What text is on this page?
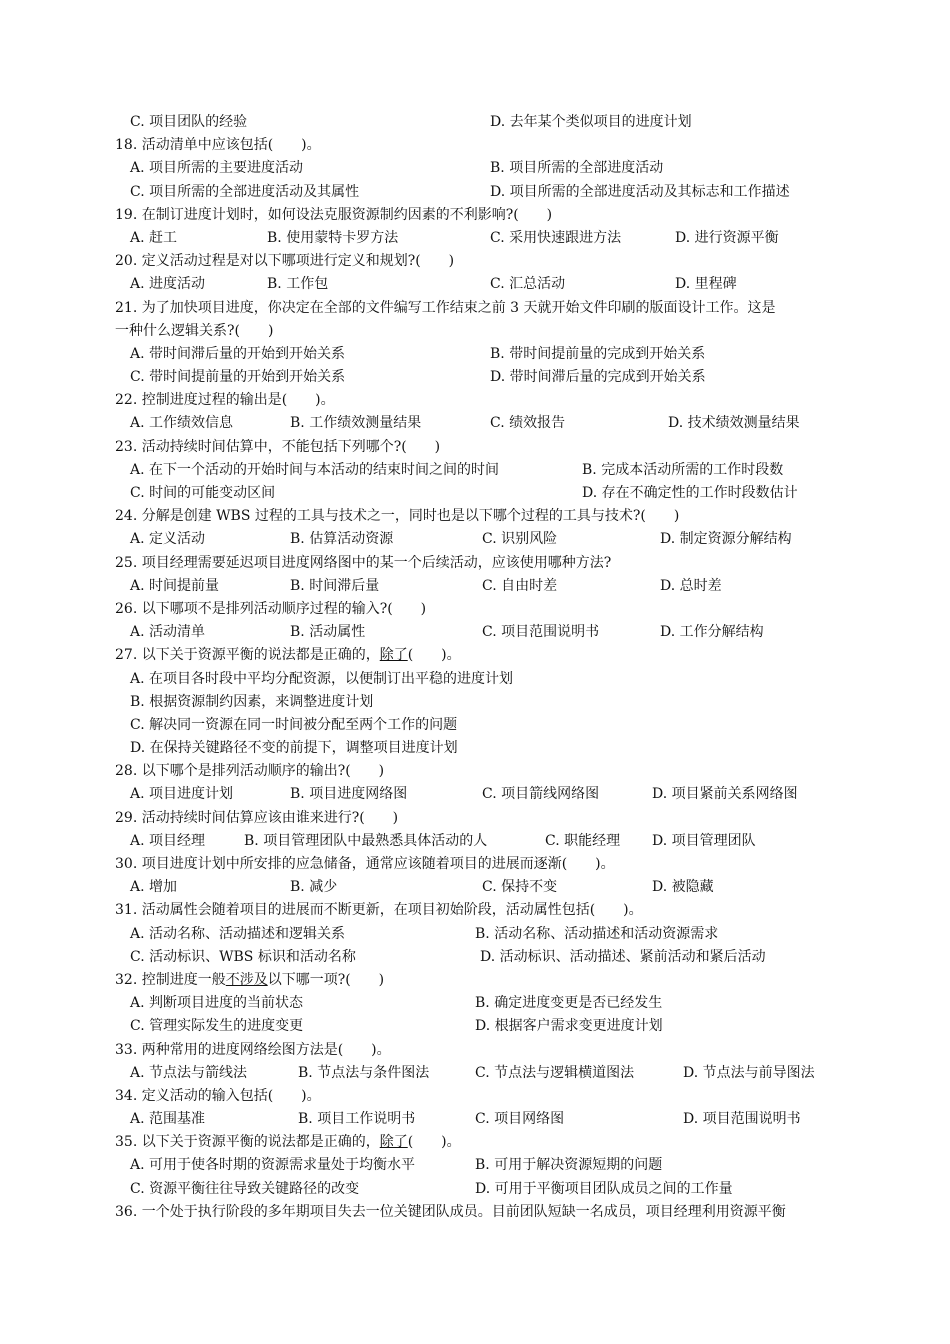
C. 项目团队的经验	D. 去年某个类似项目的进度计划
18. 活动清单中应该包括(　　)。
A. 项目所需的主要进度活动	B. 项目所需的全部进度活动
C. 项目所需的全部进度活动及其属性	D. 项目所需的全部进度活动及其标志和工作描述
19. 在制订进度计划时，如何设法克服资源制约因素的不利影响?(　　)
A. 赶工	B. 使用蒙特卡罗方法	C. 采用快速跟进方法	D. 进行资源平衡
20. 定义活动过程是对以下哪项进行定义和规划?(　　)
A. 进度活动	B. 工作包	C. 汇总活动	D. 里程碑
21. 为了加快项目进度，你决定在全部的文件编写工作结束之前 3 天就开始文件印刷的版面设计工作。这是
一种什么逻辑关系?(　　)
A. 带时间滞后量的开始到开始关系	B. 带时间提前量的完成到开始关系
C. 带时间提前量的开始到开始关系	D. 带时间滞后量的完成到开始关系
22. 控制进度过程的输出是(　　)。
A. 工作绩效信息	B. 工作绩效测量结果	C. 绩效报告	D. 技术绩效测量结果
23. 活动持续时间估算中，不能包括下列哪个?(　　)
A. 在下一个活动的开始时间与本活动的结束时间之间的时间	B. 完成本活动所需的工作时段数
C. 时间的可能变动区间	D. 存在不确定性的工作时段数估计
24. 分解是创建 WBS 过程的工具与技术之一，同时也是以下哪个过程的工具与技术?(　　)
A. 定义活动	B. 估算活动资源	C. 识别风险	D. 制定资源分解结构
25. 项目经理需要延迟项目进度网络图中的某一个后续活动，应该使用哪种方法?
A. 时间提前量	B. 时间滞后量	C. 自由时差	D. 总时差
26. 以下哪项不是排列活动顺序过程的输入?(　　)
A. 活动清单	B. 活动属性	C. 项目范围说明书	D. 工作分解结构
27. 以下关于资源平衡的说法都是正确的，除了(　　)。
A. 在项目各时段中平均分配资源，以便制订出平稳的进度计划
B. 根据资源制约因素，来调整进度计划
C. 解决同一资源在同一时间被分配至两个工作的问题
D. 在保持关键路径不变的前提下，调整项目进度计划
28. 以下哪个是排列活动顺序的输出?(　　)
A. 项目进度计划	B. 项目进度网络图	C. 项目箭线网络图	D. 项目紧前关系网络图
29. 活动持续时间估算应该由谁来进行?(　　)
A. 项目经理	B. 项目管理团队中最熟悉具体活动的人	C. 职能经理 D. 项目管理团队
30. 项目进度计划中所安排的应急储备，通常应该随着项目的进展而逐渐(　　)。
A. 增加	B. 减少	C. 保持不变	D. 被隐藏
31. 活动属性会随着项目的进展而不断更新，在项目初始阶段，活动属性包括(　　)。
A. 活动名称、活动描述和逻辑关系	B. 活动名称、活动描述和活动资源需求
C. 活动标识、WBS 标识和活动名称	D. 活动标识、活动描述、紧前活动和紧后活动
32. 控制进度一般不涉及以下哪一项?(　　)
A. 判断项目进度的当前状态	B. 确定进度变更是否已经发生
C. 管理实际发生的进度变更	D. 根据客户需求变更进度计划
33. 两种常用的进度网络绘图方法是(　　)。
A. 节点法与箭线法	B. 节点法与条件图法	C. 节点法与逻辑横道图法	D. 节点法与前导图法
34. 定义活动的输入包括(　　)。
A. 范围基准	B. 项目工作说明书	C. 项目网络图	D. 项目范围说明书
35. 以下关于资源平衡的说法都是正确的，除了(　　)。
A. 可用于使各时期的资源需求量处于均衡水平	B. 可用于解决资源短期的问题
C. 资源平衡往往导致关键路径的改变	D. 可用于平衡项目团队成员之间的工作量
36. 一个处于执行阶段的多年期项目失去一位关键团队成员。目前团队短缺一名成员，项目经理利用资源平衡
